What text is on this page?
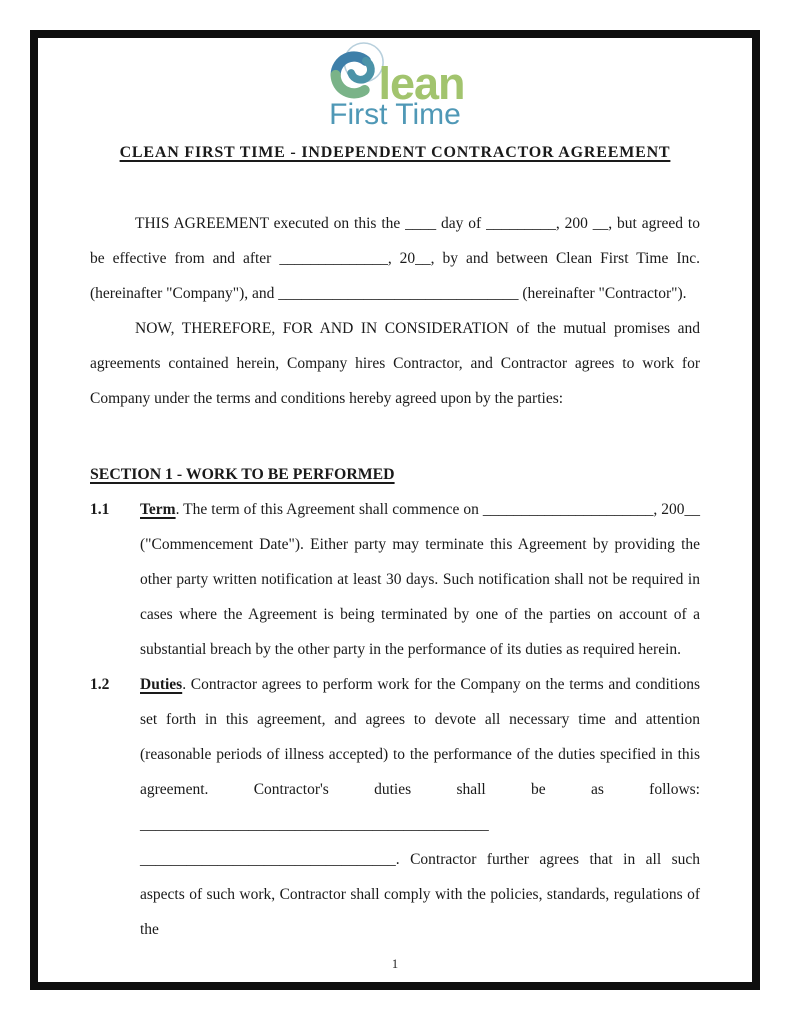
lean
First Time
CLEAN FIRST TIME - INDEPENDENT CONTRACTOR AGREEMENT

THIS AGREEMENT executed on this the ____ day of _________, 200 __, but agreed to be effective from and after ______________, 20__, by and between Clean First Time Inc. (hereinafter "Company"), and _______________________________ (hereinafter "Contractor").

NOW, THEREFORE, FOR AND IN CONSIDERATION of the mutual promises and agreements contained herein, Company hires Contractor, and Contractor agrees to work for Company under the terms and conditions hereby agreed upon by the parties:

SECTION 1 - WORK TO BE PERFORMED
1.1 Term. The term of this Agreement shall commence on ______________________, 200__ ("Commencement Date"). Either party may terminate this Agreement by providing the other party written notification at least 30 days. Such notification shall not be required in cases where the Agreement is being terminated by one of the parties on account of a substantial breach by the other party in the performance of its duties as required herein.

1.2 Duties. Contractor agrees to perform work for the Company on the terms and conditions set forth in this agreement, and agrees to devote all necessary time and attention (reasonable periods of illness accepted) to the performance of the duties specified in this agreement. Contractor's duties shall be as follows: _____________________________________________ _________________________________. Contractor further agrees that in all such aspects of such work, Contractor shall comply with the policies, standards, regulations of the

1
